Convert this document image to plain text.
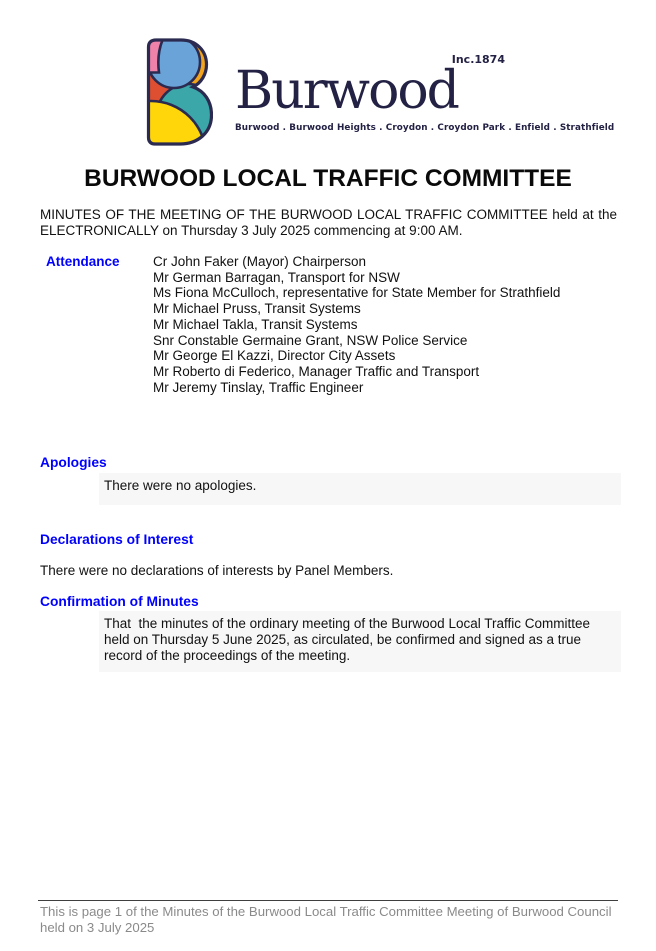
Inc.1874
Burwood
Burwood . Burwood Heights . Croydon . Croydon Park . Enfield . Strathfield
BURWOOD LOCAL TRAFFIC COMMITTEE
MINUTES OF THE MEETING OF THE BURWOOD LOCAL TRAFFIC COMMITTEE held at the ELECTRONICALLY on Thursday 3 July 2025 commencing at 9:00 AM.
Attendance	Cr John Faker (Mayor) Chairperson
Mr German Barragan, Transport for NSW
Ms Fiona McCulloch, representative for State Member for Strathfield
Mr Michael Pruss, Transit Systems
Mr Michael Takla, Transit Systems
Snr Constable Germaine Grant, NSW Police Service
Mr George El Kazzi, Director City Assets
Mr Roberto di Federico, Manager Traffic and Transport
Mr Jeremy Tinslay, Traffic Engineer
Apologies
There were no apologies.
Declarations of Interest
There were no declarations of interests by Panel Members.
Confirmation of Minutes
That  the minutes of the ordinary meeting of the Burwood Local Traffic Committee held on Thursday 5 June 2025, as circulated, be confirmed and signed as a true record of the proceedings of the meeting.
This is page 1 of the Minutes of the Burwood Local Traffic Committee Meeting of Burwood Council held on 3 July 2025
